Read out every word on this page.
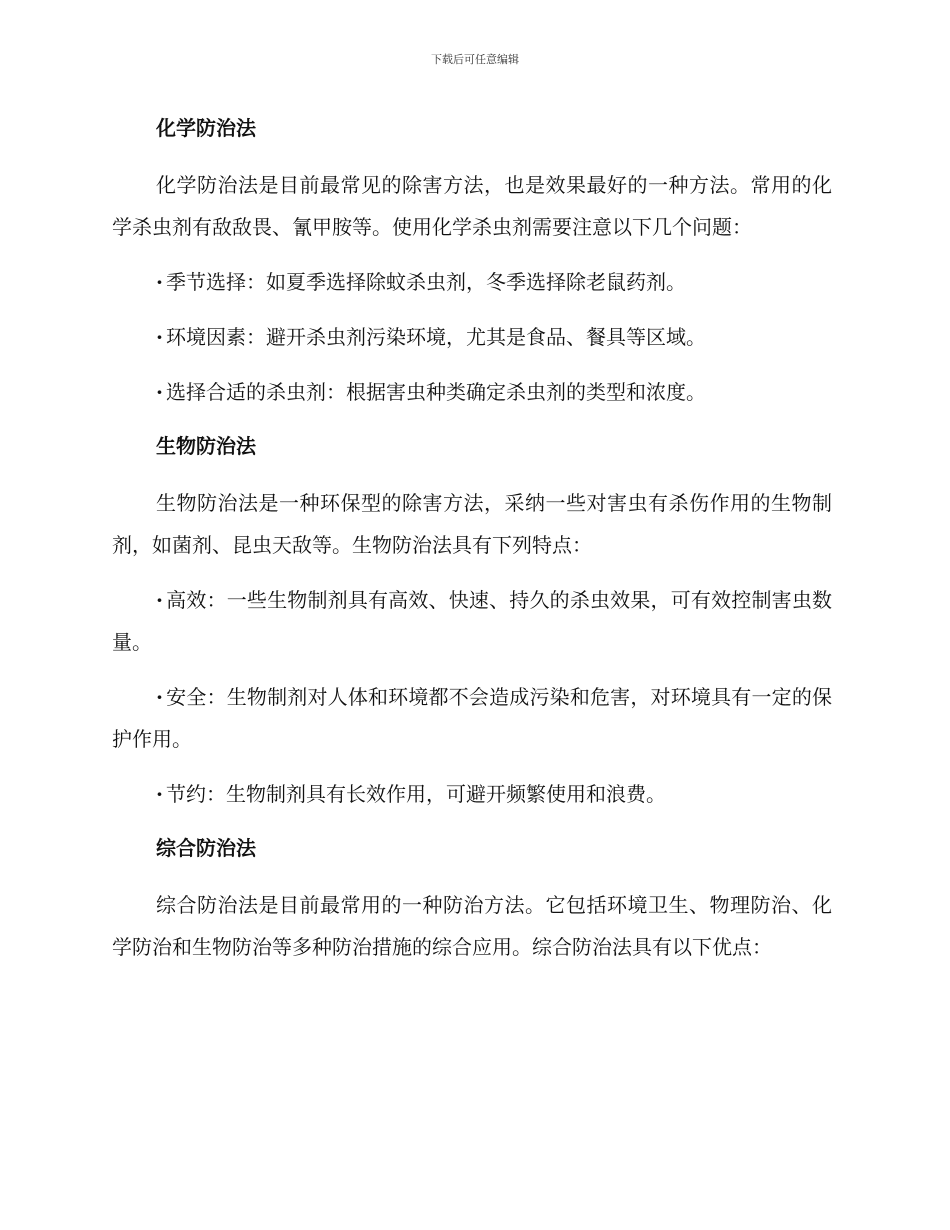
下载后可任意编辑
化学防治法

化学防治法是目前最常见的除害方法，也是效果最好的一种方法。常用的化学杀虫剂有敌敌畏、氰甲胺等。使用化学杀虫剂需要注意以下几个问题：

· 季节选择：如夏季选择除蚊杀虫剂，冬季选择除老鼠药剂。

· 环境因素：避开杀虫剂污染环境，尤其是食品、餐具等区域。

· 选择合适的杀虫剂：根据害虫种类确定杀虫剂的类型和浓度。

生物防治法

生物防治法是一种环保型的除害方法，采纳一些对害虫有杀伤作用的生物制剂，如菌剂、昆虫天敌等。生物防治法具有下列特点：

· 高效：一些生物制剂具有高效、快速、持久的杀虫效果，可有效控制害虫数量。

· 安全：生物制剂对人体和环境都不会造成污染和危害，对环境具有一定的保护作用。

· 节约：生物制剂具有长效作用，可避开频繁使用和浪费。

综合防治法

综合防治法是目前最常用的一种防治方法。它包括环境卫生、物理防治、化学防治和生物防治等多种防治措施的综合应用。综合防治法具有以下优点：
